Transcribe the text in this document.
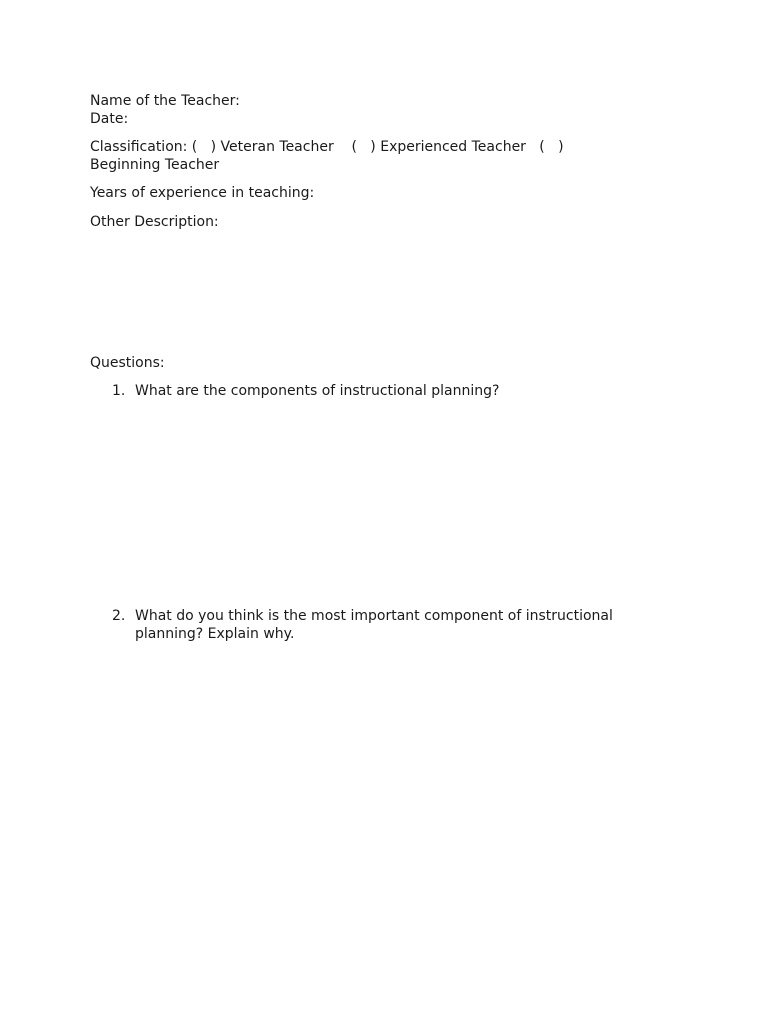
Name of the Teacher:
Date:
Classification: (   ) Veteran Teacher    (   ) Experienced Teacher   (   ) Beginning Teacher
Years of experience in teaching:
Other Description:
Questions:
1. What are the components of instructional planning?
2. What do you think is the most important component of instructional planning? Explain why.
